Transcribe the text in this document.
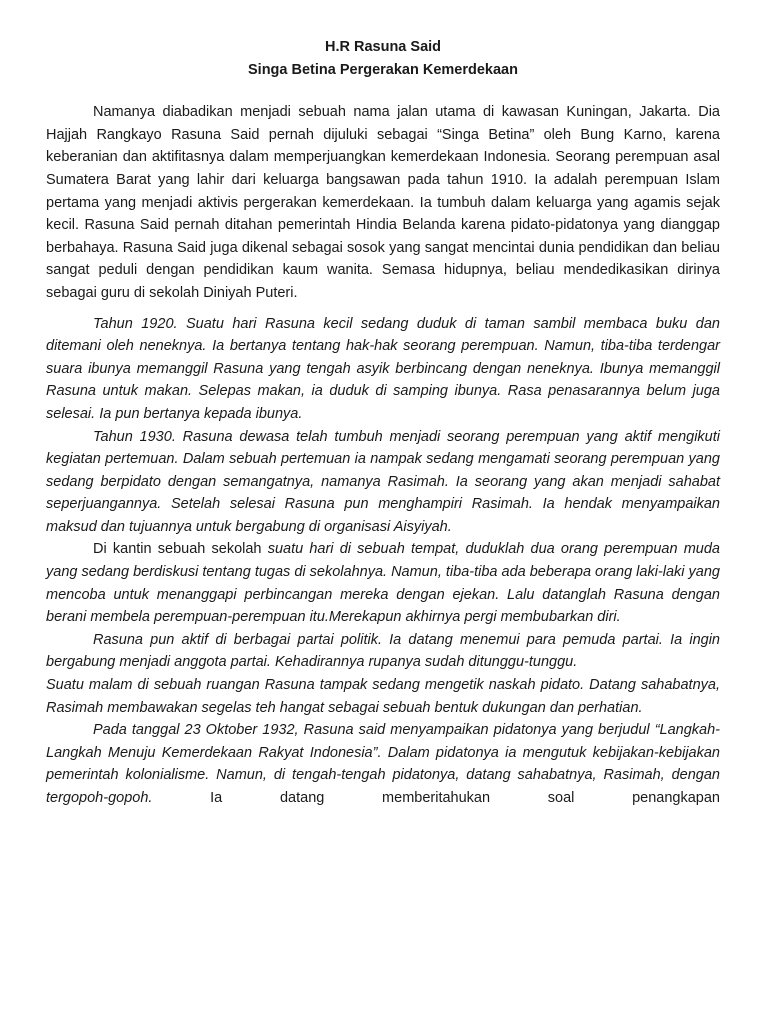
H.R Rasuna Said
Singa Betina Pergerakan Kemerdekaan

Namanya diabadikan menjadi sebuah nama jalan utama di kawasan Kuningan, Jakarta. Dia Hajjah Rangkayo Rasuna Said pernah dijuluki sebagai “Singa Betina” oleh Bung Karno, karena keberanian dan aktifitasnya dalam memperjuangkan kemerdekaan Indonesia. Seorang perempuan asal Sumatera Barat yang lahir dari keluarga bangsawan pada tahun 1910. Ia adalah perempuan Islam pertama yang menjadi aktivis pergerakan kemerdekaan. Ia tumbuh dalam keluarga yang agamis sejak kecil. Rasuna Said pernah ditahan pemerintah Hindia Belanda karena pidato-pidatonya yang dianggap berbahaya. Rasuna Said juga dikenal sebagai sosok yang sangat mencintai dunia pendidikan dan beliau sangat peduli dengan pendidikan kaum wanita. Semasa hidupnya, beliau mendedikasikan dirinya sebagai guru di sekolah Diniyah Puteri.

Tahun 1920. Suatu hari Rasuna kecil sedang duduk di taman sambil membaca buku dan ditemani oleh neneknya. Ia bertanya tentang hak-hak seorang perempuan. Namun, tiba-tiba terdengar suara ibunya memanggil Rasuna yang tengah asyik berbincang dengan neneknya. Ibunya memanggil Rasuna untuk makan. Selepas makan, ia duduk di samping ibunya. Rasa penasarannya belum juga selesai. Ia pun bertanya kepada ibunya.

Tahun 1930. Rasuna dewasa telah tumbuh menjadi seorang perempuan yang aktif mengikuti kegiatan pertemuan. Dalam sebuah pertemuan ia nampak sedang mengamati seorang perempuan yang sedang berpidato dengan semangatnya, namanya Rasimah. Ia seorang yang akan menjadi sahabat seperjuangannya. Setelah selesai Rasuna pun menghampiri Rasimah. Ia hendak menyampaikan maksud dan tujuannya untuk bergabung di organisasi Aisyiyah.

Di kantin sebuah sekolah suatu hari di sebuah tempat, duduklah dua orang perempuan muda yang sedang berdiskusi tentang tugas di sekolahnya. Namun, tiba-tiba ada beberapa orang laki-laki yang mencoba untuk menanggapi perbincangan mereka dengan ejekan. Lalu datanglah Rasuna dengan berani membela perempuan-perempuan itu.Merekapun akhirnya pergi membubarkan diri.

Rasuna pun aktif di berbagai partai politik. Ia datang menemui para pemuda partai. Ia ingin bergabung menjadi anggota partai. Kehadirannya rupanya sudah ditunggu-tunggu.

Suatu malam di sebuah ruangan Rasuna tampak sedang mengetik naskah pidato. Datang sahabatnya, Rasimah membawakan segelas teh hangat sebagai sebuah bentuk dukungan dan perhatian.

Pada tanggal 23 Oktober 1932, Rasuna said menyampaikan pidatonya yang berjudul “Langkah-Langkah Menuju Kemerdekaan Rakyat Indonesia”. Dalam pidatonya ia mengutuk kebijakan-kebijakan pemerintah kolonialisme. Namun, di tengah-tengah pidatonya, datang sahabatnya, Rasimah, dengan tergopoh-gopoh. Ia datang memberitahukan soal penangkapan
